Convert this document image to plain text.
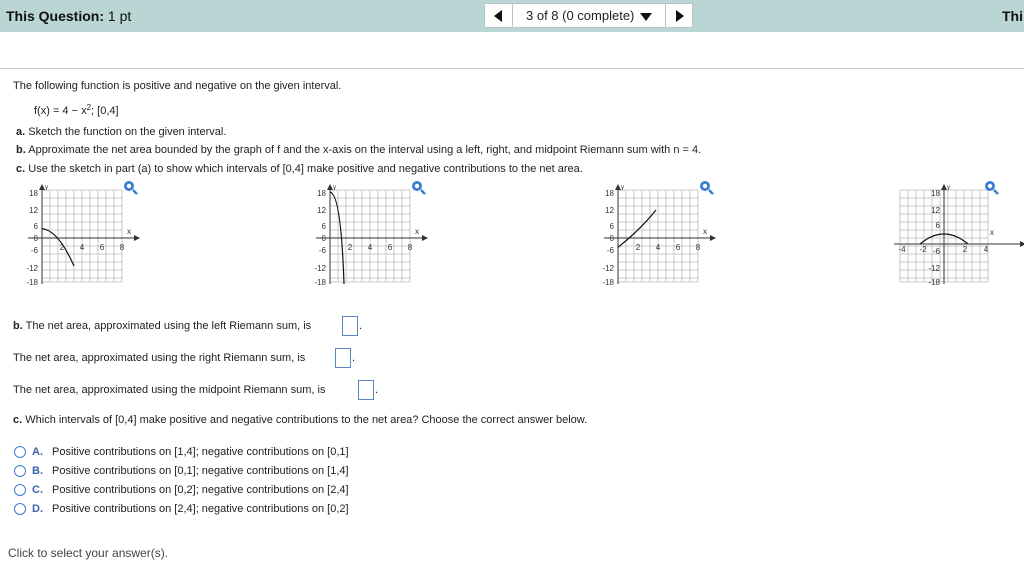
This Question: 1 pt	3 of 8 (0 complete)	Thi
The following function is positive and negative on the given interval.
$f(x) = 4 - x^2$; [0,4]
a. Sketch the function on the given interval.
b. Approximate the net area bounded by the graph of f and the x-axis on the interval using a left, right, and midpoint Riemann sum with n = 4.
c. Use the sketch in part (a) to show which intervals of [0,4] make positive and negative contributions to the net area.
18
12
6
0
-6
-12
-18
2 4 6 8
x
y
18
12
6
0
-6
-12
-18
2 4 6 8
x
y
18
12
6
0
-6
-12
-18
2 4 6 8
x
y
18
12
6
-6
-12
-18
-4 -2	2 4
x
y
b. The net area, approximated using the left Riemann sum, is	.
The net area, approximated using the right Riemann sum, is	.
The net area, approximated using the midpoint Riemann sum, is	.
c. Which intervals of [0,4] make positive and negative contributions to the net area? Choose the correct answer below.
A. Positive contributions on [1,4]; negative contributions on [0,1]
B. Positive contributions on [0,1]; negative contributions on [1,4]
C. Positive contributions on [0,2]; negative contributions on [2,4]
D. Positive contributions on [2,4]; negative contributions on [0,2]
Click to select your answer(s).
